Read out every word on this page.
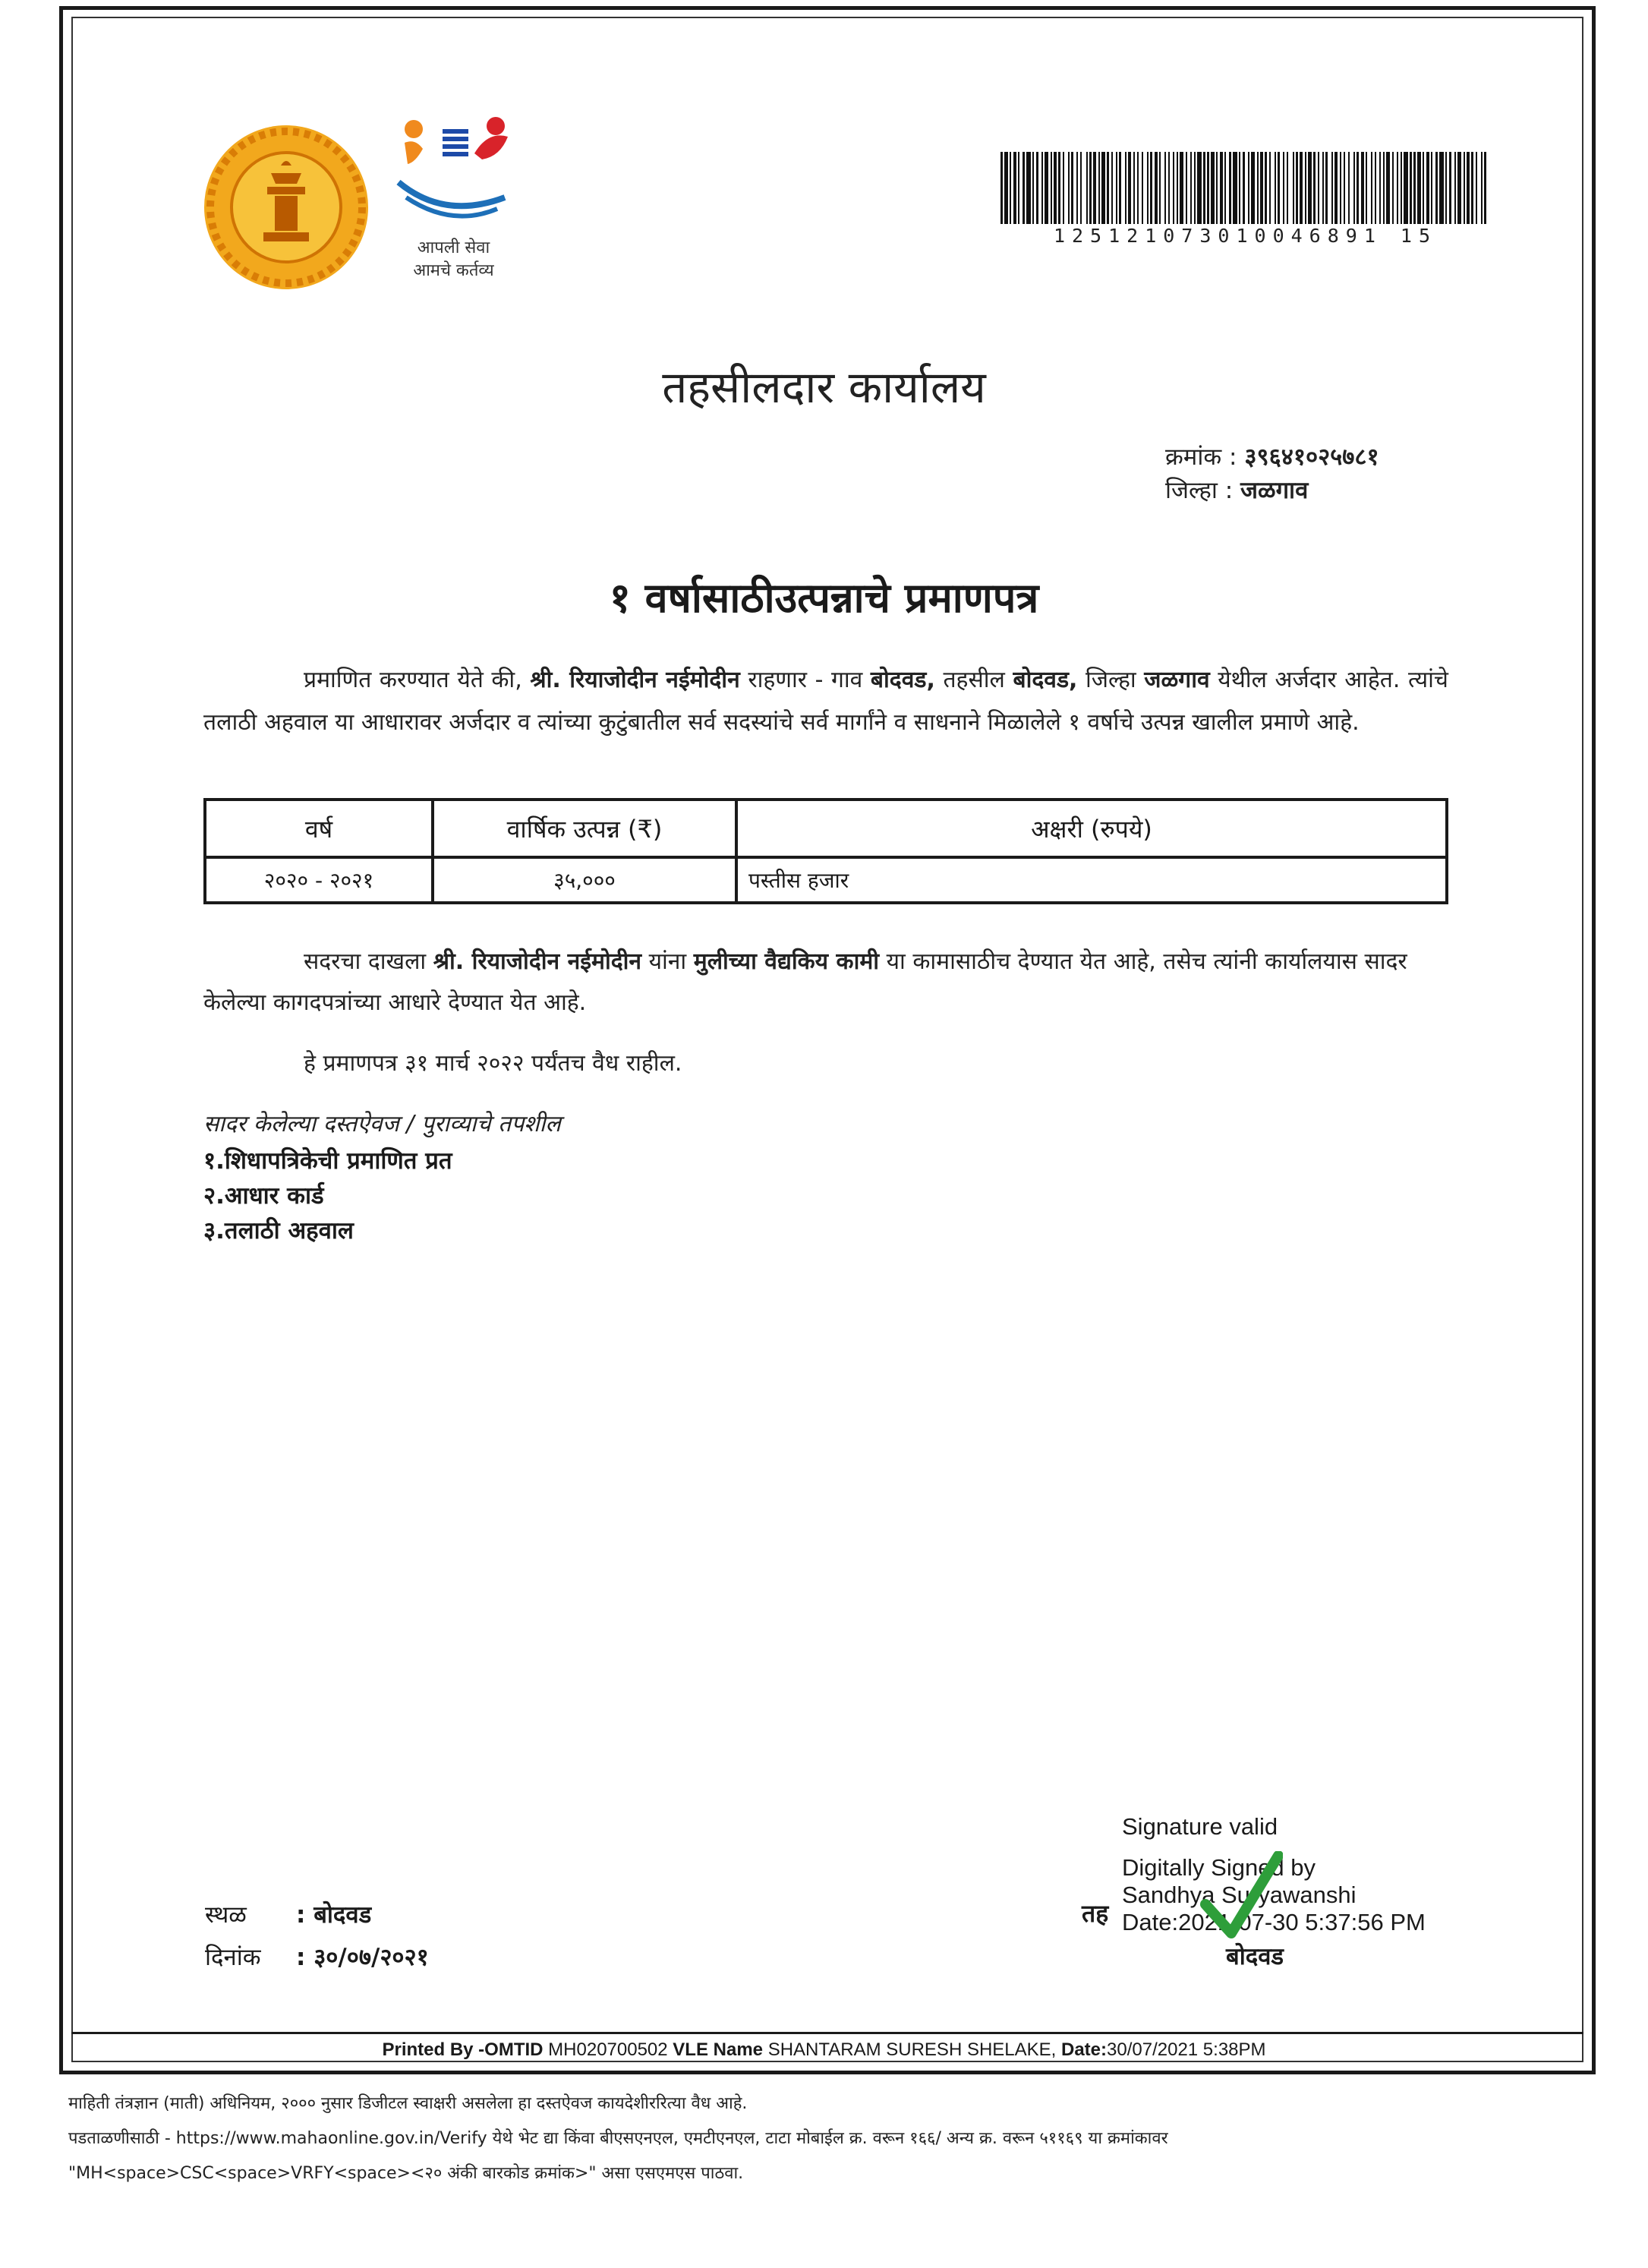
आपली सेवा
आमचे कर्तव्य
125121073010046891 15
तहसीलदार कार्यालय
क्रमांक : ३९६४१०२५७८१
जिल्हा : जळगाव
१ वर्षासाठीउत्पन्नाचे प्रमाणपत्र
प्रमाणित करण्यात येते की, श्री. रियाजोदीन नईमोदीन राहणार - गाव बोदवड, तहसील बोदवड, जिल्हा जळगाव येथील अर्जदार आहेत. त्यांचे तलाठी अहवाल या आधारावर अर्जदार व त्यांच्या कुटुंबातील सर्व सदस्यांचे सर्व मार्गांने व साधनाने मिळालेले १ वर्षाचे उत्पन्न खालील प्रमाणे आहे.
वर्ष	वार्षिक उत्पन्न (₹)	अक्षरी (रुपये)
२०२० - २०२१	३५,०००	पस्तीस हजार
सदरचा दाखला श्री. रियाजोदीन नईमोदीन यांना मुलीच्या वैद्यकिय कामी या कामासाठीच देण्यात येत आहे, तसेच त्यांनी कार्यालयास सादर केलेल्या कागदपत्रांच्या आधारे देण्यात येत आहे.
हे प्रमाणपत्र ३१ मार्च २०२२ पर्यंतच वैध राहील.
सादर केलेल्या दस्तऐवज / पुराव्याचे तपशील
१.शिधापत्रिकेची प्रमाणित प्रत
२.आधार कार्ड
३.तलाठी अहवाल
स्थळ : बोदवड
दिनांक : ३०/०७/२०२१
Signature valid
Digitally Signed by
Sandhya Suryawanshi
Date:2021-07-30 5:37:56 PM
तह
बोदवड
Printed By -OMTID MH020700502 VLE Name SHANTARAM SURESH SHELAKE, Date:30/07/2021 5:38PM
माहिती तंत्रज्ञान (माती) अधिनियम, २००० नुसार डिजीटल स्वाक्षरी असलेला हा दस्तऐवज कायदेशीररित्या वैध आहे.
पडताळणीसाठी - https://www.mahaonline.gov.in/Verify येथे भेट द्या किंवा बीएसएनएल, एमटीएनएल, टाटा मोबाईल क्र. वरून १६६/ अन्य क्र. वरून ५११६९ या क्रमांकावर
"MH<space>CSC<space>VRFY<space><२० अंकी बारकोड क्रमांक>" असा एसएमएस पाठवा.
